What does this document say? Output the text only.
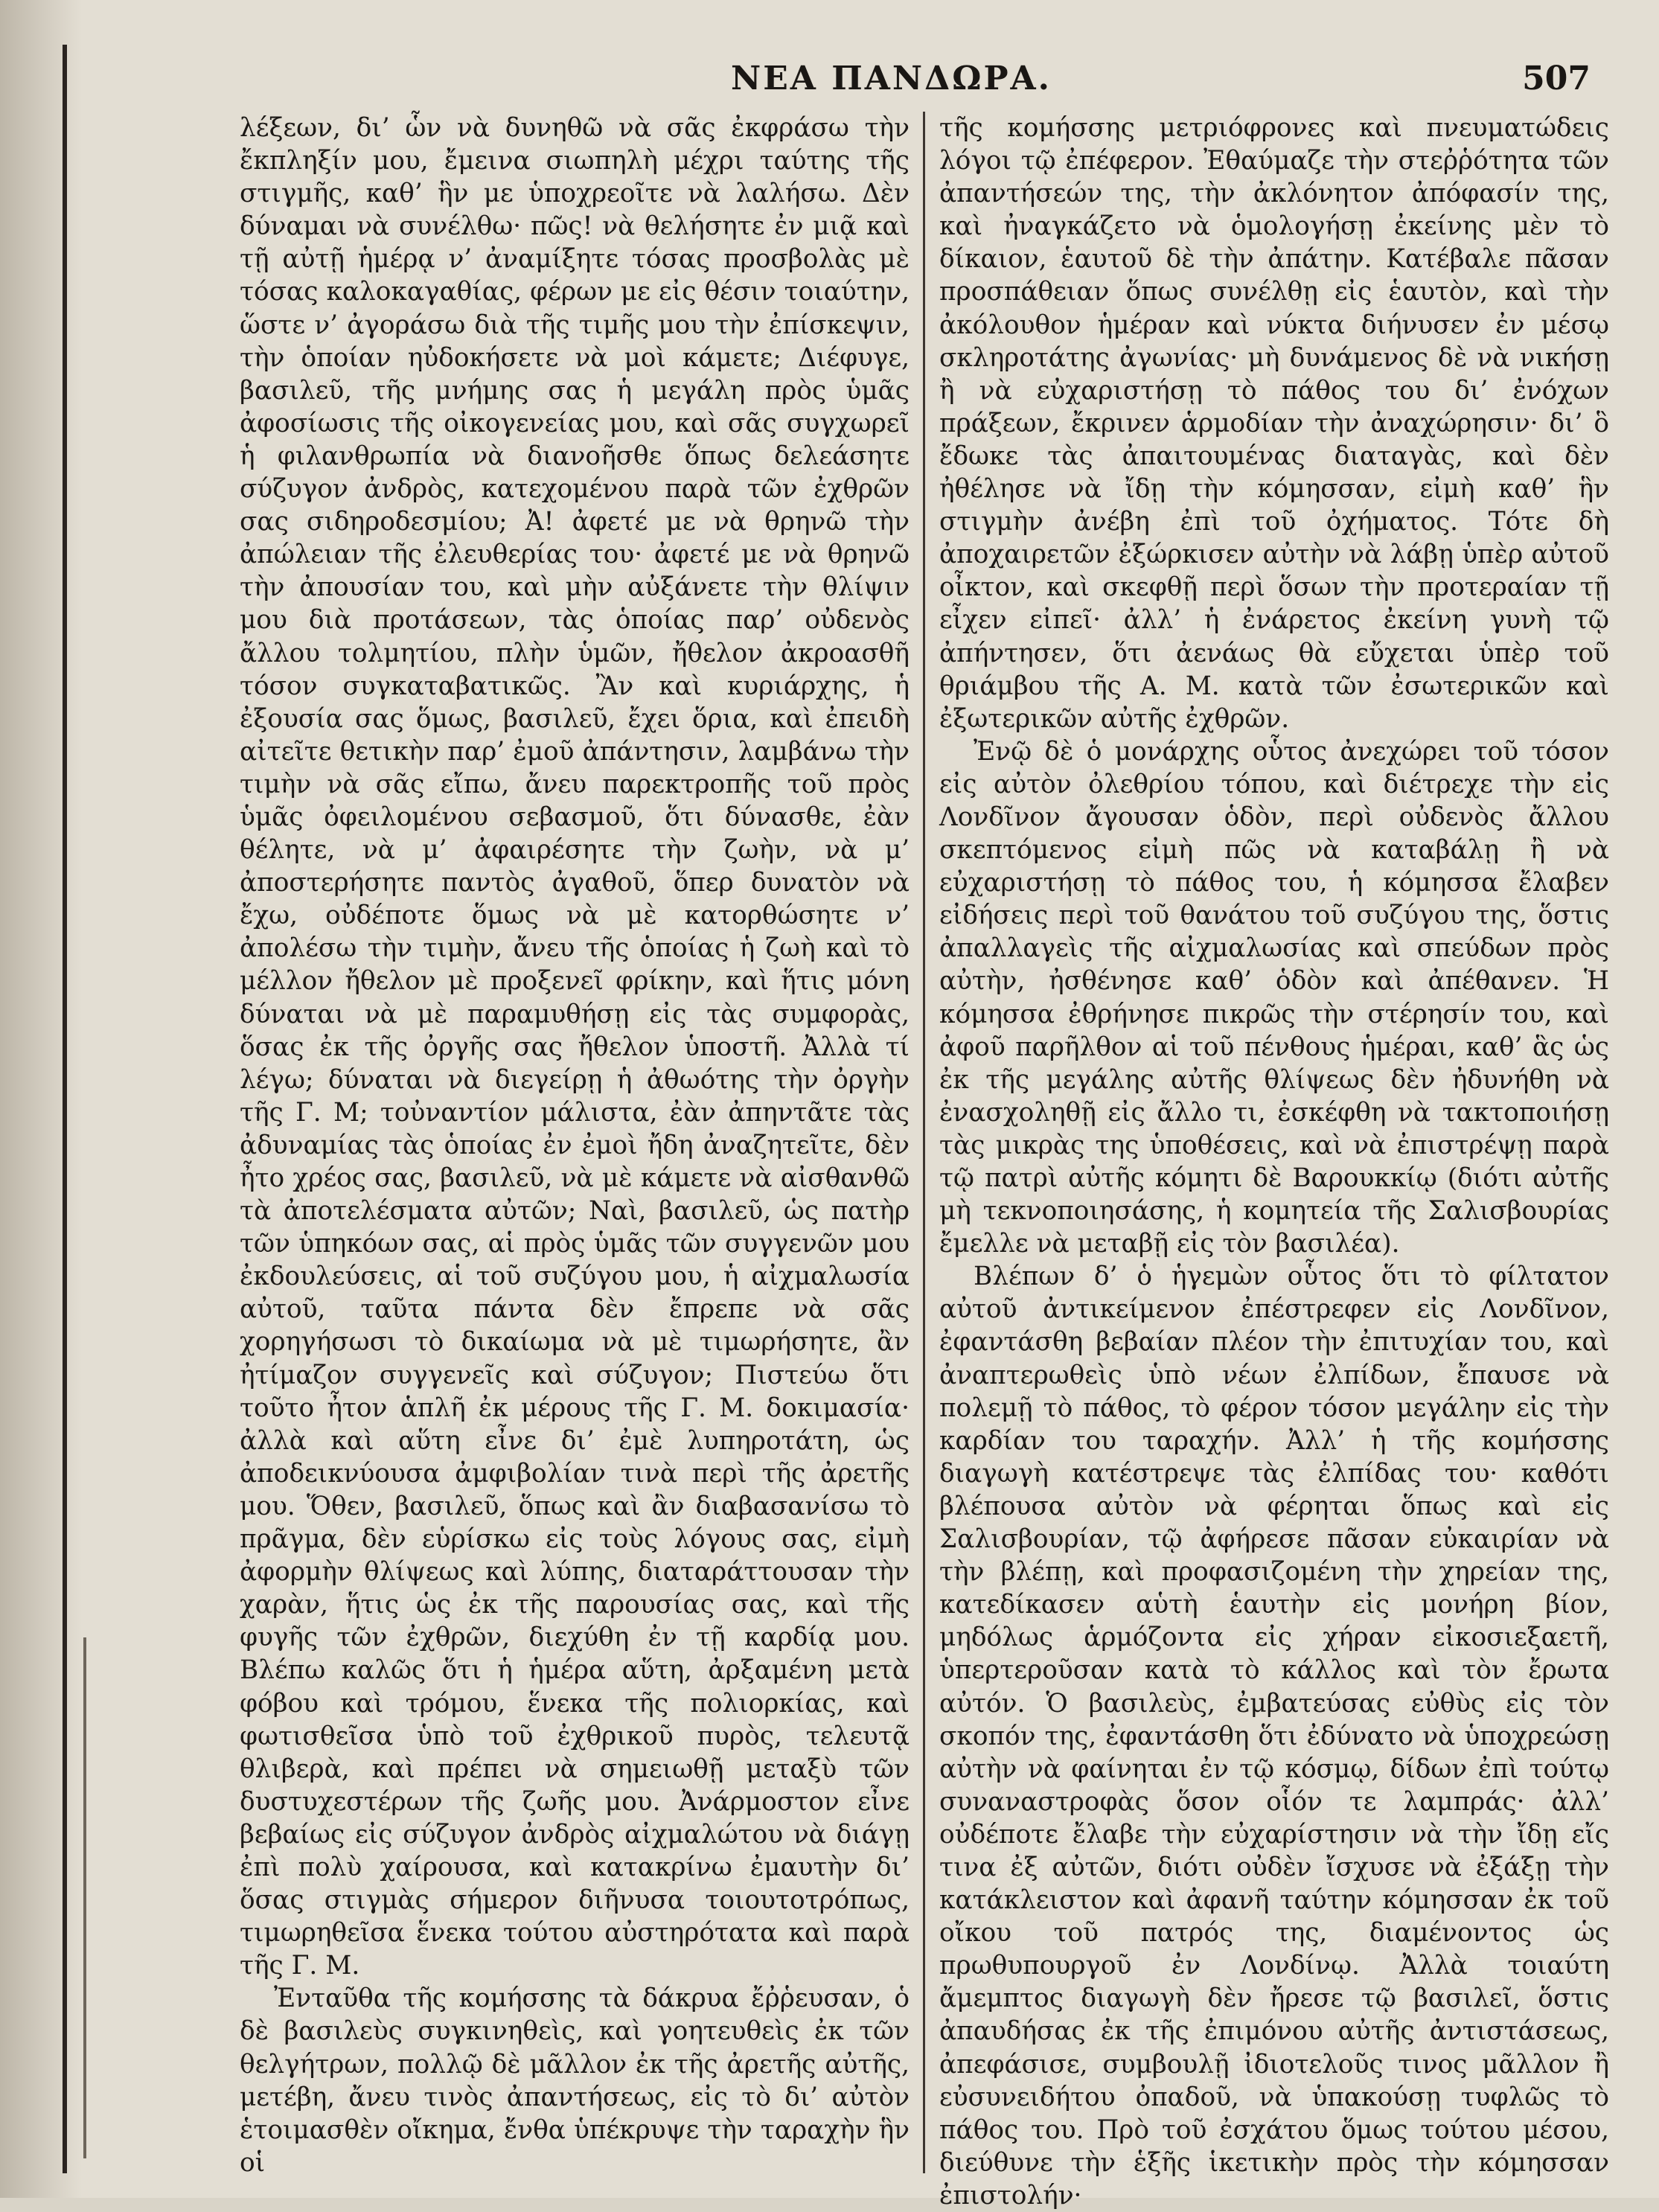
ΝΕΑ ΠΑΝΔΩΡΑ.	507

λέξεων, δι’ ὧν νὰ δυνηθῶ νὰ σᾶς ἐκφράσω τὴν ἔκπληξίν μου, ἔμεινα σιωπηλὴ μέχρι ταύτης τῆς στιγμῆς, καθ’ ἣν με ὑποχρεοῖτε νὰ λαλήσω. Δὲν δύναμαι νὰ συνέλθω· πῶς! νὰ θελήσητε ἐν μιᾷ καὶ τῇ αὐτῇ ἡμέρᾳ ν’ ἀναμίξητε τόσας προσβολὰς μὲ τόσας καλοκαγαθίας, φέρων με εἰς θέσιν τοιαύτην, ὥστε ν’ ἀγοράσω διὰ τῆς τιμῆς μου τὴν ἐπίσκεψιν, τὴν ὁποίαν ηὐδοκήσετε νὰ μοὶ κάμετε; Διέφυγε, βασιλεῦ, τῆς μνήμης σας ἡ μεγάλη πρὸς ὑμᾶς ἀφοσίωσις τῆς οἰκογενείας μου, καὶ σᾶς συγχωρεῖ ἡ φιλανθρωπία νὰ διανοῆσθε ὅπως δελεάσητε σύζυγον ἀνδρὸς, κατεχομένου παρὰ τῶν ἐχθρῶν σας σιδηροδεσμίου; Ἀ! ἀφετέ με νὰ θρηνῶ τὴν ἀπώλειαν τῆς ἐλευθερίας του· ἀφετέ με νὰ θρηνῶ τὴν ἀπουσίαν του, καὶ μὴν αὐξάνετε τὴν θλίψιν μου διὰ προτάσεων, τὰς ὁποίας παρ’ οὐδενὸς ἄλλου τολμητίου, πλὴν ὑμῶν, ἤθελον ἀκροασθῆ τόσον συγκαταβατικῶς. Ἂν καὶ κυριάρχης, ἡ ἐξουσία σας ὅμως, βασιλεῦ, ἔχει ὅρια, καὶ ἐπειδὴ αἰτεῖτε θετικὴν παρ’ ἐμοῦ ἀπάντησιν, λαμβάνω τὴν τιμὴν νὰ σᾶς εἴπω, ἄνευ παρεκτροπῆς τοῦ πρὸς ὑμᾶς ὀφειλομένου σεβασμοῦ, ὅτι δύνασθε, ἐὰν θέλητε, νὰ μ’ ἀφαιρέσητε τὴν ζωὴν, νὰ μ’ ἀποστερήσητε παντὸς ἀγαθοῦ, ὅπερ δυνατὸν νὰ ἔχω, οὐδέποτε ὅμως νὰ μὲ κατορθώσητε ν’ ἀπολέσω τὴν τιμὴν, ἄνευ τῆς ὁποίας ἡ ζωὴ καὶ τὸ μέλλον ἤθελον μὲ προξενεῖ φρίκην, καὶ ἥτις μόνη δύναται νὰ μὲ παραμυθήσῃ εἰς τὰς συμφορὰς, ὅσας ἐκ τῆς ὀργῆς σας ἤθελον ὑποστῆ. Ἀλλὰ τί λέγω; δύναται νὰ διεγείρῃ ἡ ἀθωότης τὴν ὀργὴν τῆς Γ. Μ; τοὐναντίον μάλιστα, ἐὰν ἀπηντᾶτε τὰς ἀδυναμίας τὰς ὁποίας ἐν ἐμοὶ ἤδη ἀναζητεῖτε, δὲν ἦτο χρέος σας, βασιλεῦ, νὰ μὲ κάμετε νὰ αἰσθανθῶ τὰ ἀποτελέσματα αὐτῶν; Ναὶ, βασιλεῦ, ὡς πατὴρ τῶν ὑπηκόων σας, αἱ πρὸς ὑμᾶς τῶν συγγενῶν μου ἐκδουλεύσεις, αἱ τοῦ συζύγου μου, ἡ αἰχμαλωσία αὐτοῦ, ταῦτα πάντα δὲν ἔπρεπε νὰ σᾶς χορηγήσωσι τὸ δικαίωμα νὰ μὲ τιμωρήσητε, ἂν ἠτίμαζον συγγενεῖς καὶ σύζυγον; Πιστεύω ὅτι τοῦτο ἦτον ἁπλῆ ἐκ μέρους τῆς Γ. Μ. δοκιμασία· ἀλλὰ καὶ αὕτη εἶνε δι’ ἐμὲ λυπηροτάτη, ὡς ἀποδεικνύουσα ἀμφιβολίαν τινὰ περὶ τῆς ἀρετῆς μου. Ὅθεν, βασιλεῦ, ὅπως καὶ ἂν διαβασανίσω τὸ πρᾶγμα, δὲν εὑρίσκω εἰς τοὺς λόγους σας, εἰμὴ ἀφορμὴν θλίψεως καὶ λύπης, διαταράττουσαν τὴν χαρὰν, ἥτις ὡς ἐκ τῆς παρουσίας σας, καὶ τῆς φυγῆς τῶν ἐχθρῶν, διεχύθη ἐν τῇ καρδίᾳ μου. Βλέπω καλῶς ὅτι ἡ ἡμέρα αὕτη, ἀρξαμένη μετὰ φόβου καὶ τρόμου, ἕνεκα τῆς πολιορκίας, καὶ φωτισθεῖσα ὑπὸ τοῦ ἐχθρικοῦ πυρὸς, τελευτᾷ θλιβερὰ, καὶ πρέπει νὰ σημειωθῇ μεταξὺ τῶν δυστυχεστέρων τῆς ζωῆς μου. Ἀνάρμοστον εἶνε βεβαίως εἰς σύζυγον ἀνδρὸς αἰχμαλώτου νὰ διάγῃ ἐπὶ πολὺ χαίρουσα, καὶ κατακρίνω ἐμαυτὴν δι’ ὅσας στιγμὰς σήμερον διῆνυσα τοιουτοτρόπως, τιμωρηθεῖσα ἕνεκα τούτου αὐστηρότατα καὶ παρὰ τῆς Γ. Μ.

Ἐνταῦθα τῆς κομήσσης τὰ δάκρυα ἔῤῥευσαν, ὁ δὲ βασιλεὺς συγκινηθεὶς, καὶ γοητευθεὶς ἐκ τῶν θελγήτρων, πολλῷ δὲ μᾶλλον ἐκ τῆς ἀρετῆς αὐτῆς, μετέβη, ἄνευ τινὸς ἀπαντήσεως, εἰς τὸ δι’ αὐτὸν ἑτοιμασθὲν οἴκημα, ἔνθα ὑπέκρυψε τὴν ταραχὴν ἣν οἱ

τῆς κομήσσης μετριόφρονες καὶ πνευματώδεις λόγοι τῷ ἐπέφερον. Ἐθαύμαζε τὴν στεῤῥότητα τῶν ἀπαντήσεών της, τὴν ἀκλόνητον ἀπόφασίν της, καὶ ἠναγκάζετο νὰ ὁμολογήσῃ ἐκείνης μὲν τὸ δίκαιον, ἑαυτοῦ δὲ τὴν ἀπάτην. Κατέβαλε πᾶσαν προσπάθειαν ὅπως συνέλθῃ εἰς ἑαυτὸν, καὶ τὴν ἀκόλουθον ἡμέραν καὶ νύκτα διήνυσεν ἐν μέσῳ σκληροτάτης ἀγωνίας· μὴ δυνάμενος δὲ νὰ νικήσῃ ἢ νὰ εὐχαριστήσῃ τὸ πάθος του δι’ ἐνόχων πράξεων, ἔκρινεν ἁρμοδίαν τὴν ἀναχώρησιν· δι’ ὃ ἔδωκε τὰς ἀπαιτουμένας διαταγὰς, καὶ δὲν ἠθέλησε νὰ ἴδῃ τὴν κόμησσαν, εἰμὴ καθ’ ἣν στιγμὴν ἀνέβη ἐπὶ τοῦ ὀχήματος. Τότε δὴ ἀποχαιρετῶν ἐξώρκισεν αὐτὴν νὰ λάβῃ ὑπὲρ αὐτοῦ οἶκτον, καὶ σκεφθῇ περὶ ὅσων τὴν προτεραίαν τῇ εἶχεν εἰπεῖ· ἀλλ’ ἡ ἐνάρετος ἐκείνη γυνὴ τῷ ἀπήντησεν, ὅτι ἀενάως θὰ εὔχεται ὑπὲρ τοῦ θριάμβου τῆς Α. Μ. κατὰ τῶν ἐσωτερικῶν καὶ ἐξωτερικῶν αὐτῆς ἐχθρῶν.

Ἐνῷ δὲ ὁ μονάρχης οὗτος ἀνεχώρει τοῦ τόσον εἰς αὐτὸν ὀλεθρίου τόπου, καὶ διέτρεχε τὴν εἰς Λονδῖνον ἄγουσαν ὁδὸν, περὶ οὐδενὸς ἄλλου σκεπτόμενος εἰμὴ πῶς νὰ καταβάλῃ ἢ νὰ εὐχαριστήσῃ τὸ πάθος του, ἡ κόμησσα ἔλαβεν εἰδήσεις περὶ τοῦ θανάτου τοῦ συζύγου της, ὅστις ἀπαλλαγεὶς τῆς αἰχμαλωσίας καὶ σπεύδων πρὸς αὐτὴν, ἠσθένησε καθ’ ὁδὸν καὶ ἀπέθανεν. Ἡ κόμησσα ἐθρήνησε πικρῶς τὴν στέρησίν του, καὶ ἀφοῦ παρῆλθον αἱ τοῦ πένθους ἡμέραι, καθ’ ἃς ὡς ἐκ τῆς μεγάλης αὐτῆς θλίψεως δὲν ἠδυνήθη νὰ ἐνασχοληθῇ εἰς ἄλλο τι, ἐσκέφθη νὰ τακτοποιήσῃ τὰς μικρὰς της ὑποθέσεις, καὶ νὰ ἐπιστρέψῃ παρὰ τῷ πατρὶ αὐτῆς κόμητι δὲ Βαρουκκίῳ (διότι αὐτῆς μὴ τεκνοποιησάσης, ἡ κομητεία τῆς Σαλισβουρίας ἔμελλε νὰ μεταβῇ εἰς τὸν βασιλέα).

Βλέπων δ’ ὁ ἡγεμὼν οὗτος ὅτι τὸ φίλτατον αὐτοῦ ἀντικείμενον ἐπέστρεφεν εἰς Λονδῖνον, ἐφαντάσθη βεβαίαν πλέον τὴν ἐπιτυχίαν του, καὶ ἀναπτερωθεὶς ὑπὸ νέων ἐλπίδων, ἔπαυσε νὰ πολεμῇ τὸ πάθος, τὸ φέρον τόσον μεγάλην εἰς τὴν καρδίαν του ταραχήν. Ἀλλ’ ἡ τῆς κομήσσης διαγωγὴ κατέστρεψε τὰς ἐλπίδας του· καθότι βλέπουσα αὐτὸν νὰ φέρηται ὅπως καὶ εἰς Σαλισβουρίαν, τῷ ἀφήρεσε πᾶσαν εὐκαιρίαν νὰ τὴν βλέπῃ, καὶ προφασιζομένη τὴν χηρείαν της, κατεδίκασεν αὑτὴ ἑαυτὴν εἰς μονήρη βίον, μηδόλως ἁρμόζοντα εἰς χήραν εἰκοσιεξαετῆ, ὑπερτεροῦσαν κατὰ τὸ κάλλος καὶ τὸν ἔρωτα αὐτόν. Ὁ βασιλεὺς, ἐμβατεύσας εὐθὺς εἰς τὸν σκοπόν της, ἐφαντάσθη ὅτι ἐδύνατο νὰ ὑποχρεώσῃ αὐτὴν νὰ φαίνηται ἐν τῷ κόσμῳ, δίδων ἐπὶ τούτῳ συναναστροφὰς ὅσον οἷόν τε λαμπράς· ἀλλ’ οὐδέποτε ἔλαβε τὴν εὐχαρίστησιν νὰ τὴν ἴδῃ εἴς τινα ἐξ αὐτῶν, διότι οὐδὲν ἴσχυσε νὰ ἐξάξῃ τὴν κατάκλειστον καὶ ἀφανῆ ταύτην κόμησσαν ἐκ τοῦ οἴκου τοῦ πατρός της, διαμένοντος ὡς πρωθυπουργοῦ ἐν Λονδίνῳ. Ἀλλὰ τοιαύτη ἄμεμπτος διαγωγὴ δὲν ἤρεσε τῷ βασιλεῖ, ὅστις ἀπαυδήσας ἐκ τῆς ἐπιμόνου αὐτῆς ἀντιστάσεως, ἀπεφάσισε, συμβουλῇ ἰδιοτελοῦς τινος μᾶλλον ἢ εὐσυνειδήτου ὀπαδοῦ, νὰ ὑπακούσῃ τυφλῶς τὸ πάθος του. Πρὸ τοῦ ἐσχάτου ὅμως τούτου μέσου, διεύθυνε τὴν ἑξῆς ἱκετικὴν πρὸς τὴν κόμησσαν ἐπιστολήν·
